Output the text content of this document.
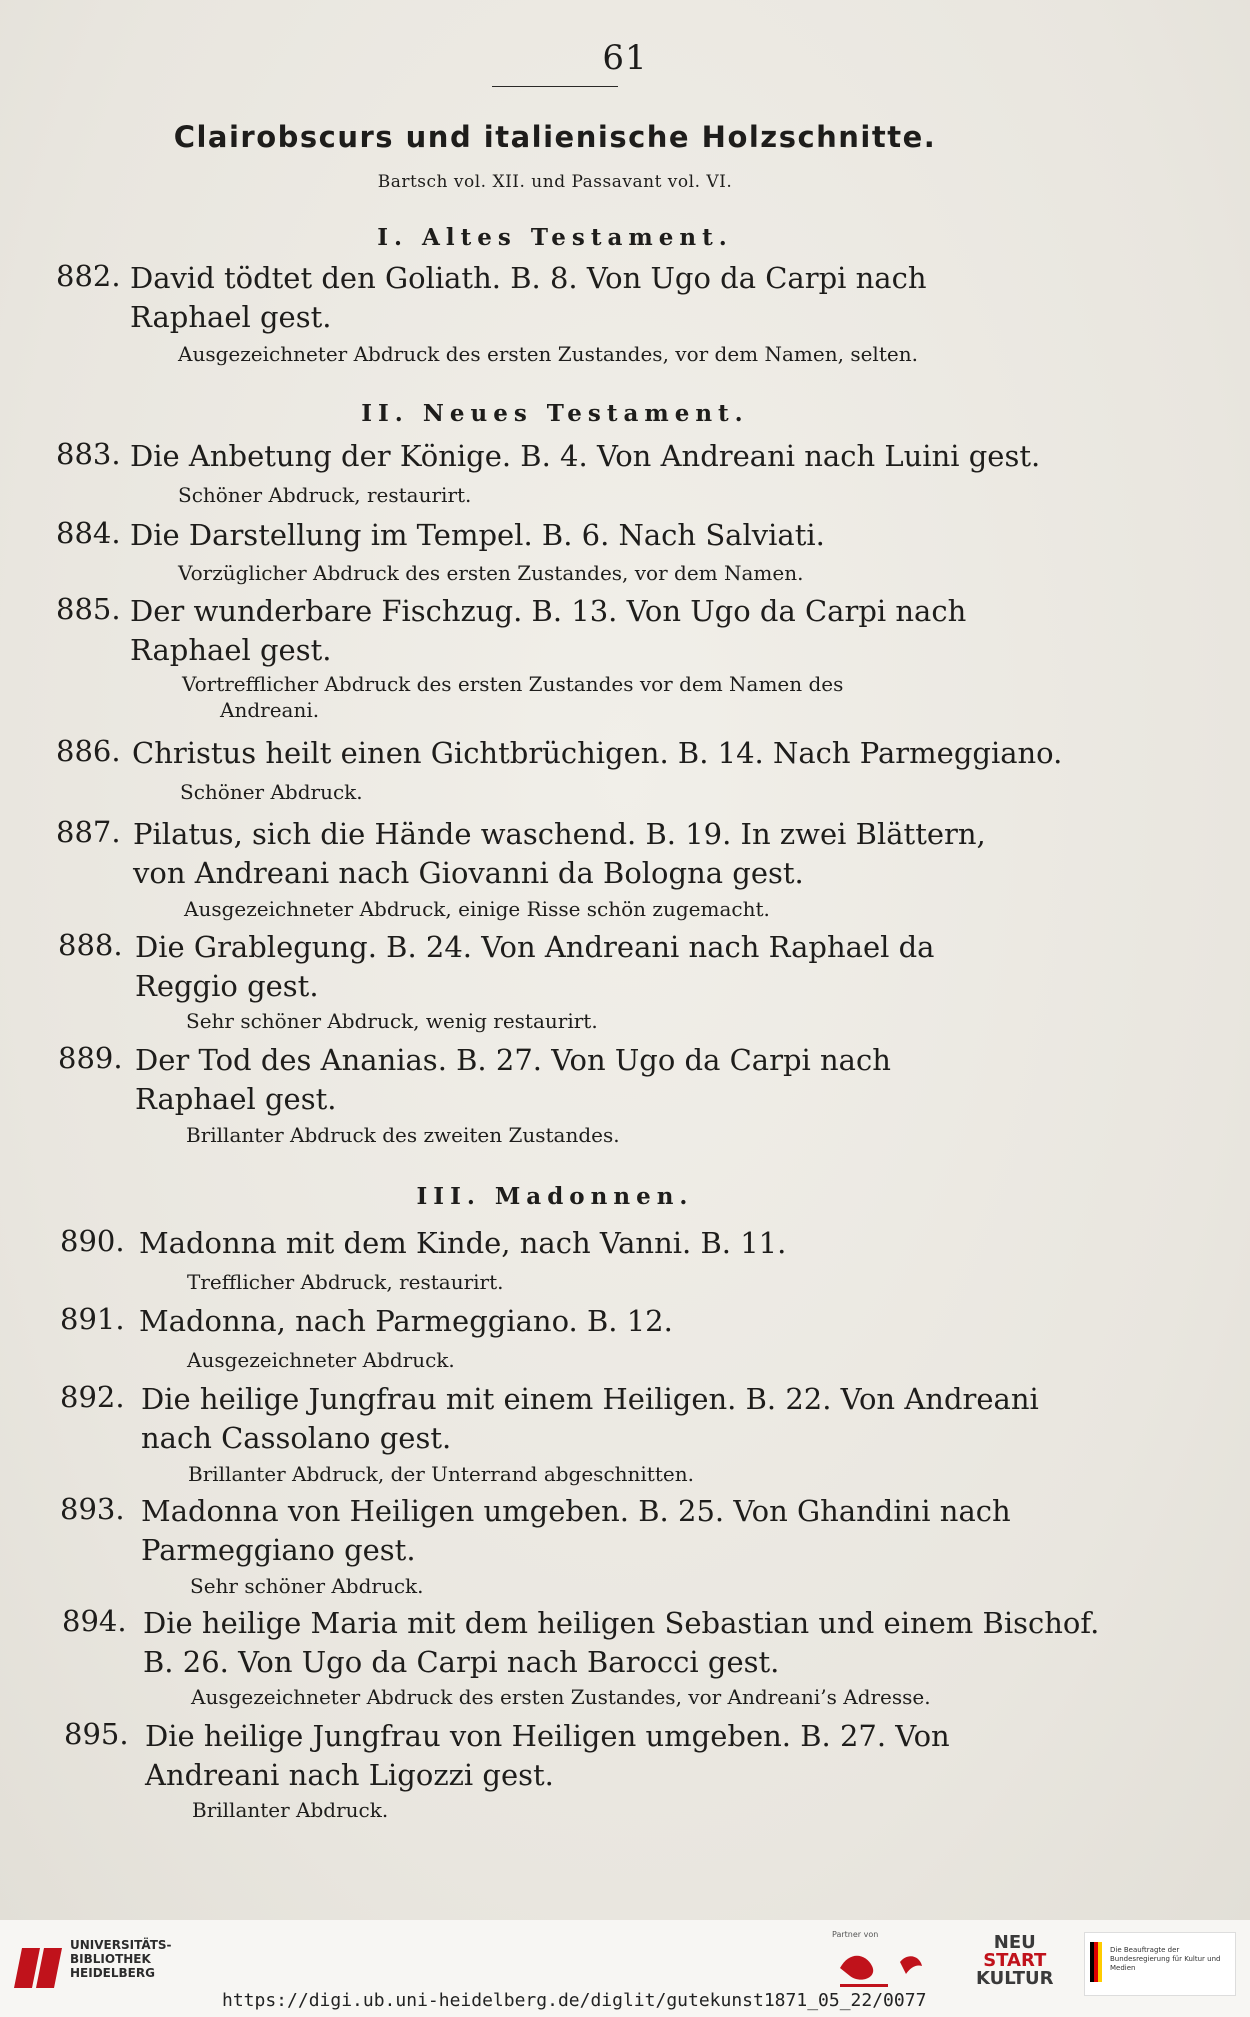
61
Clairobscurs und italienische Holzschnitte.
Bartsch vol. XII. und Passavant vol. VI.
I. Altes Testament.
882. David tödtet den Goliath. B. 8. Von Ugo da Carpi nach
Raphael gest.
Ausgezeichneter Abdruck des ersten Zustandes, vor dem Namen, selten.
II. Neues Testament.
883. Die Anbetung der Könige. B. 4. Von Andreani nach Luini gest.
Schöner Abdruck, restaurirt.
884. Die Darstellung im Tempel. B. 6. Nach Salviati.
Vorzüglicher Abdruck des ersten Zustandes, vor dem Namen.
885. Der wunderbare Fischzug. B. 13. Von Ugo da Carpi nach
Raphael gest.
Vortrefflicher Abdruck des ersten Zustandes vor dem Namen des
Andreani.
886. Christus heilt einen Gichtbrüchigen. B. 14. Nach Parmeggiano.
Schöner Abdruck.
887. Pilatus, sich die Hände waschend. B. 19. In zwei Blättern,
von Andreani nach Giovanni da Bologna gest.
Ausgezeichneter Abdruck, einige Risse schön zugemacht.
888. Die Grablegung. B. 24. Von Andreani nach Raphael da
Reggio gest.
Sehr schöner Abdruck, wenig restaurirt.
889. Der Tod des Ananias. B. 27. Von Ugo da Carpi nach
Raphael gest.
Brillanter Abdruck des zweiten Zustandes.
III. Madonnen.
890. Madonna mit dem Kinde, nach Vanni. B. 11.
Trefflicher Abdruck, restaurirt.
891. Madonna, nach Parmeggiano. B. 12.
Ausgezeichneter Abdruck.
892. Die heilige Jungfrau mit einem Heiligen. B. 22. Von Andreani
nach Cassolano gest.
Brillanter Abdruck, der Unterrand abgeschnitten.
893. Madonna von Heiligen umgeben. B. 25. Von Ghandini nach
Parmeggiano gest.
Sehr schöner Abdruck.
894. Die heilige Maria mit dem heiligen Sebastian und einem Bischof.
B. 26. Von Ugo da Carpi nach Barocci gest.
Ausgezeichneter Abdruck des ersten Zustandes, vor Andreani’s Adresse.
895. Die heilige Jungfrau von Heiligen umgeben. B. 27. Von
Andreani nach Ligozzi gest.
Brillanter Abdruck.
UNIVERSITÄTS-
BIBLIOTHEK
HEIDELBERG
Partner von	NEU
START
KULTUR
Die Beauftragte der Bundesregierung für Kultur und Medien
https://digi.ub.uni-heidelberg.de/diglit/gutekunst1871_05_22/0077
